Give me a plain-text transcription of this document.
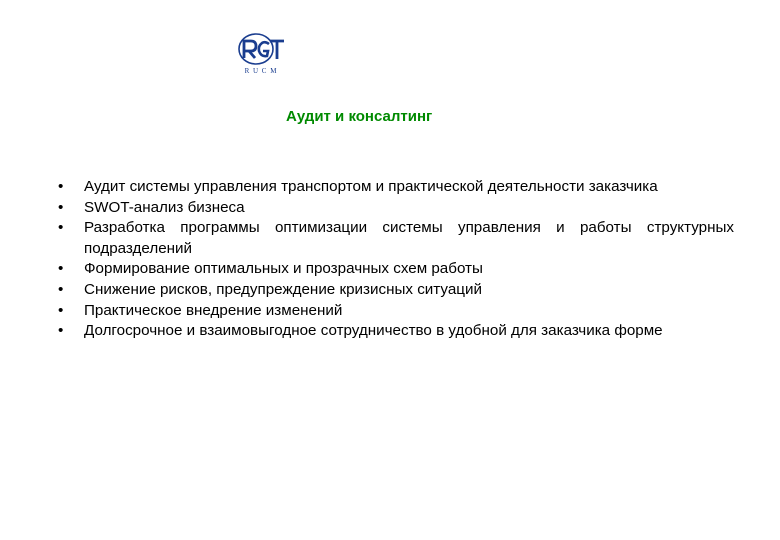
R U C M
Аудит и консалтинг
• Аудит системы управления транспортом и практической деятельности заказчика
• SWOT-анализ бизнеса
• Разработка программы оптимизации системы управления и работы структурных подразделений
• Формирование оптимальных и прозрачных схем работы
• Снижение рисков, предупреждение кризисных ситуаций
• Практическое внедрение изменений
• Долгосрочное и взаимовыгодное сотрудничество в удобной для заказчика форме
